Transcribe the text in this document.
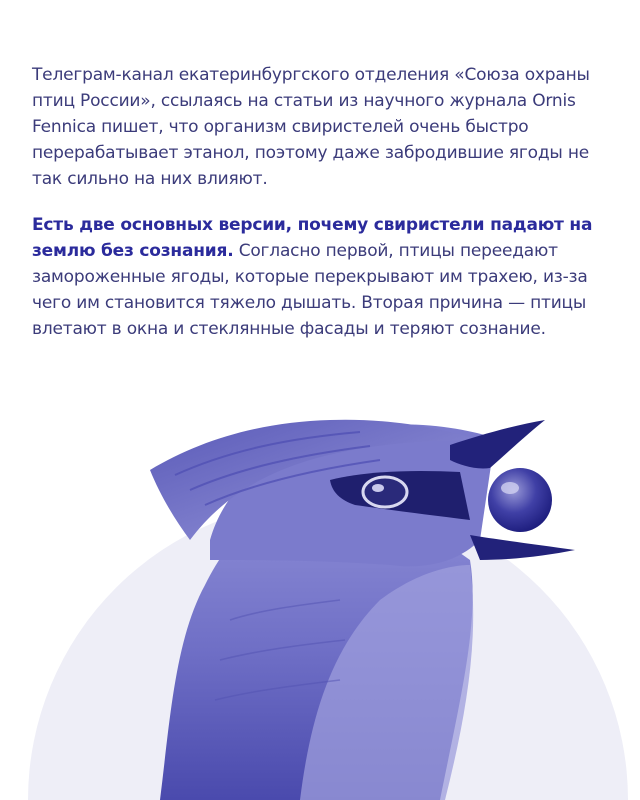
Телеграм-канал екатеринбургского отделения «Союза охраны птиц России», ссылаясь на статьи из научного журнала Ornis Fennica пишет, что организм свиристелей очень быстро перерабатывает этанол, поэтому даже забродившие ягоды не так сильно на них влияют.

Есть две основных версии, почему свиристели падают на землю без сознания. Согласно первой, птицы переедают замороженные ягоды, которые перекрывают им трахею, из-за чего им становится тяжело дышать. Вторая причина — птицы влетают в окна и стеклянные фасады и теряют сознание.
